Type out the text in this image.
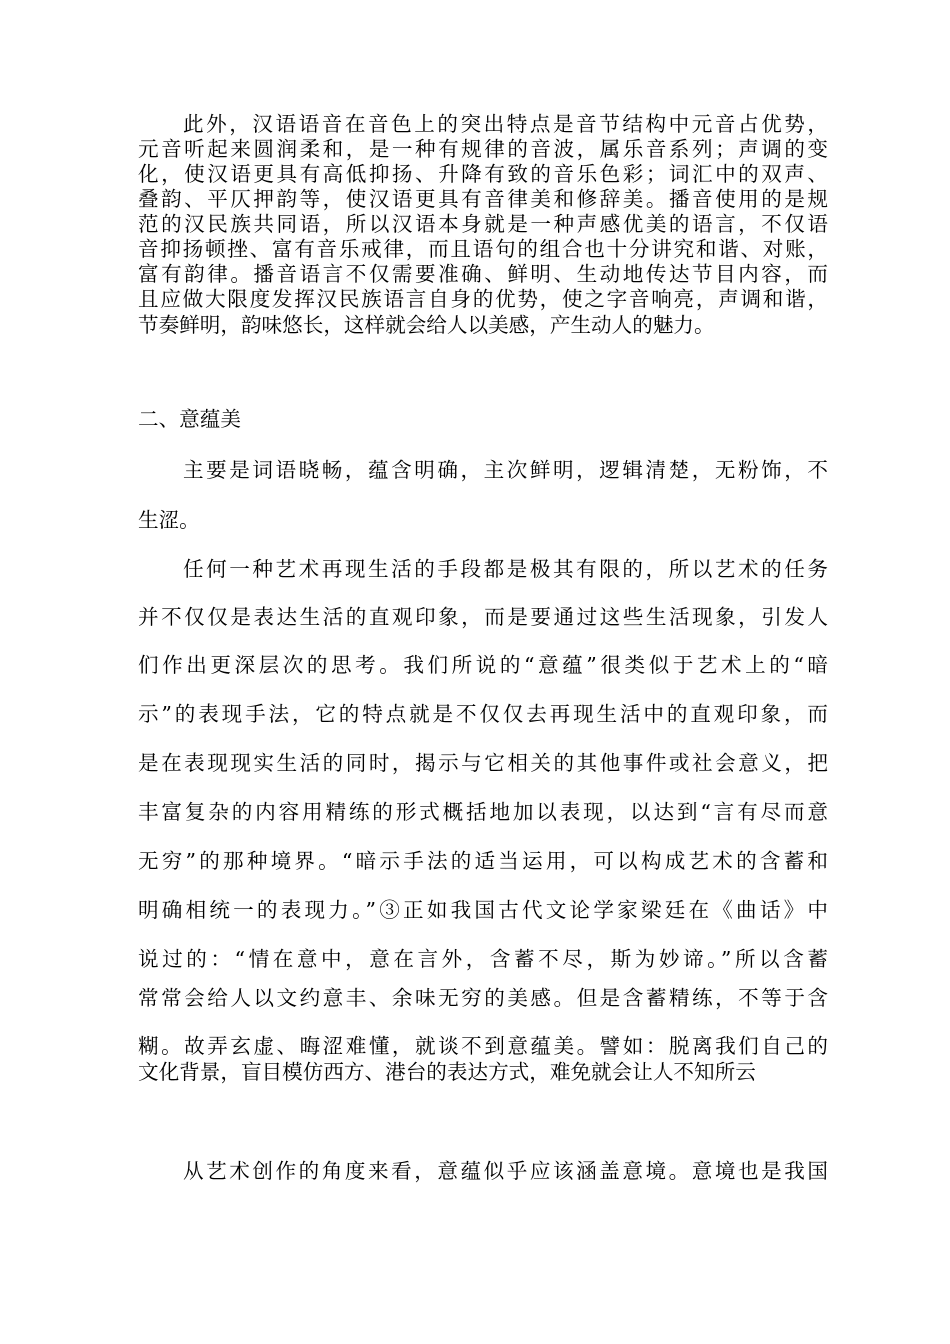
此外，汉语语音在音色上的突出特点是音节结构中元音占优势，
元音听起来圆润柔和，是一种有规律的音波，属乐音系列；声调的变
化，使汉语更具有高低抑扬、升降有致的音乐色彩；词汇中的双声、
叠韵、平仄押韵等，使汉语更具有音律美和修辞美。播音使用的是规
范的汉民族共同语，所以汉语本身就是一种声感优美的语言，不仅语
音抑扬顿挫、富有音乐戒律，而且语句的组合也十分讲究和谐、对账，
富有韵律。播音语言不仅需要准确、鲜明、生动地传达节目内容，而
且应做大限度发挥汉民族语言自身的优势，使之字音响亮，声调和谐，
节奏鲜明，韵味悠长，这样就会给人以美感，产生动人的魅力。
二、意蕴美
主要是词语晓畅，蕴含明确，主次鲜明，逻辑清楚，无粉饰，不
生涩。
任何一种艺术再现生活的手段都是极其有限的，所以艺术的任务
并不仅仅是表达生活的直观印象，而是要通过这些生活现象，引发人
们作出更深层次的思考。我们所说的“意蕴”很类似于艺术上的“暗
示”的表现手法，它的特点就是不仅仅去再现生活中的直观印象，而
是在表现现实生活的同时，揭示与它相关的其他事件或社会意义，把
丰富复杂的内容用精练的形式概括地加以表现，以达到“言有尽而意
无穷”的那种境界。“暗示手法的适当运用，可以构成艺术的含蓄和
明确相统一的表现力。”③正如我国古代文论学家梁廷在《曲话》中
说过的：“情在意中，意在言外，含蓄不尽，斯为妙谛。”所以含蓄
常常会给人以文约意丰、余味无穷的美感。但是含蓄精练，不等于含
糊。故弄玄虚、晦涩难懂，就谈不到意蕴美。譬如：脱离我们自己的
文化背景，盲目模仿西方、港台的表达方式，难免就会让人不知所云
从艺术创作的角度来看，意蕴似乎应该涵盖意境。意境也是我国
